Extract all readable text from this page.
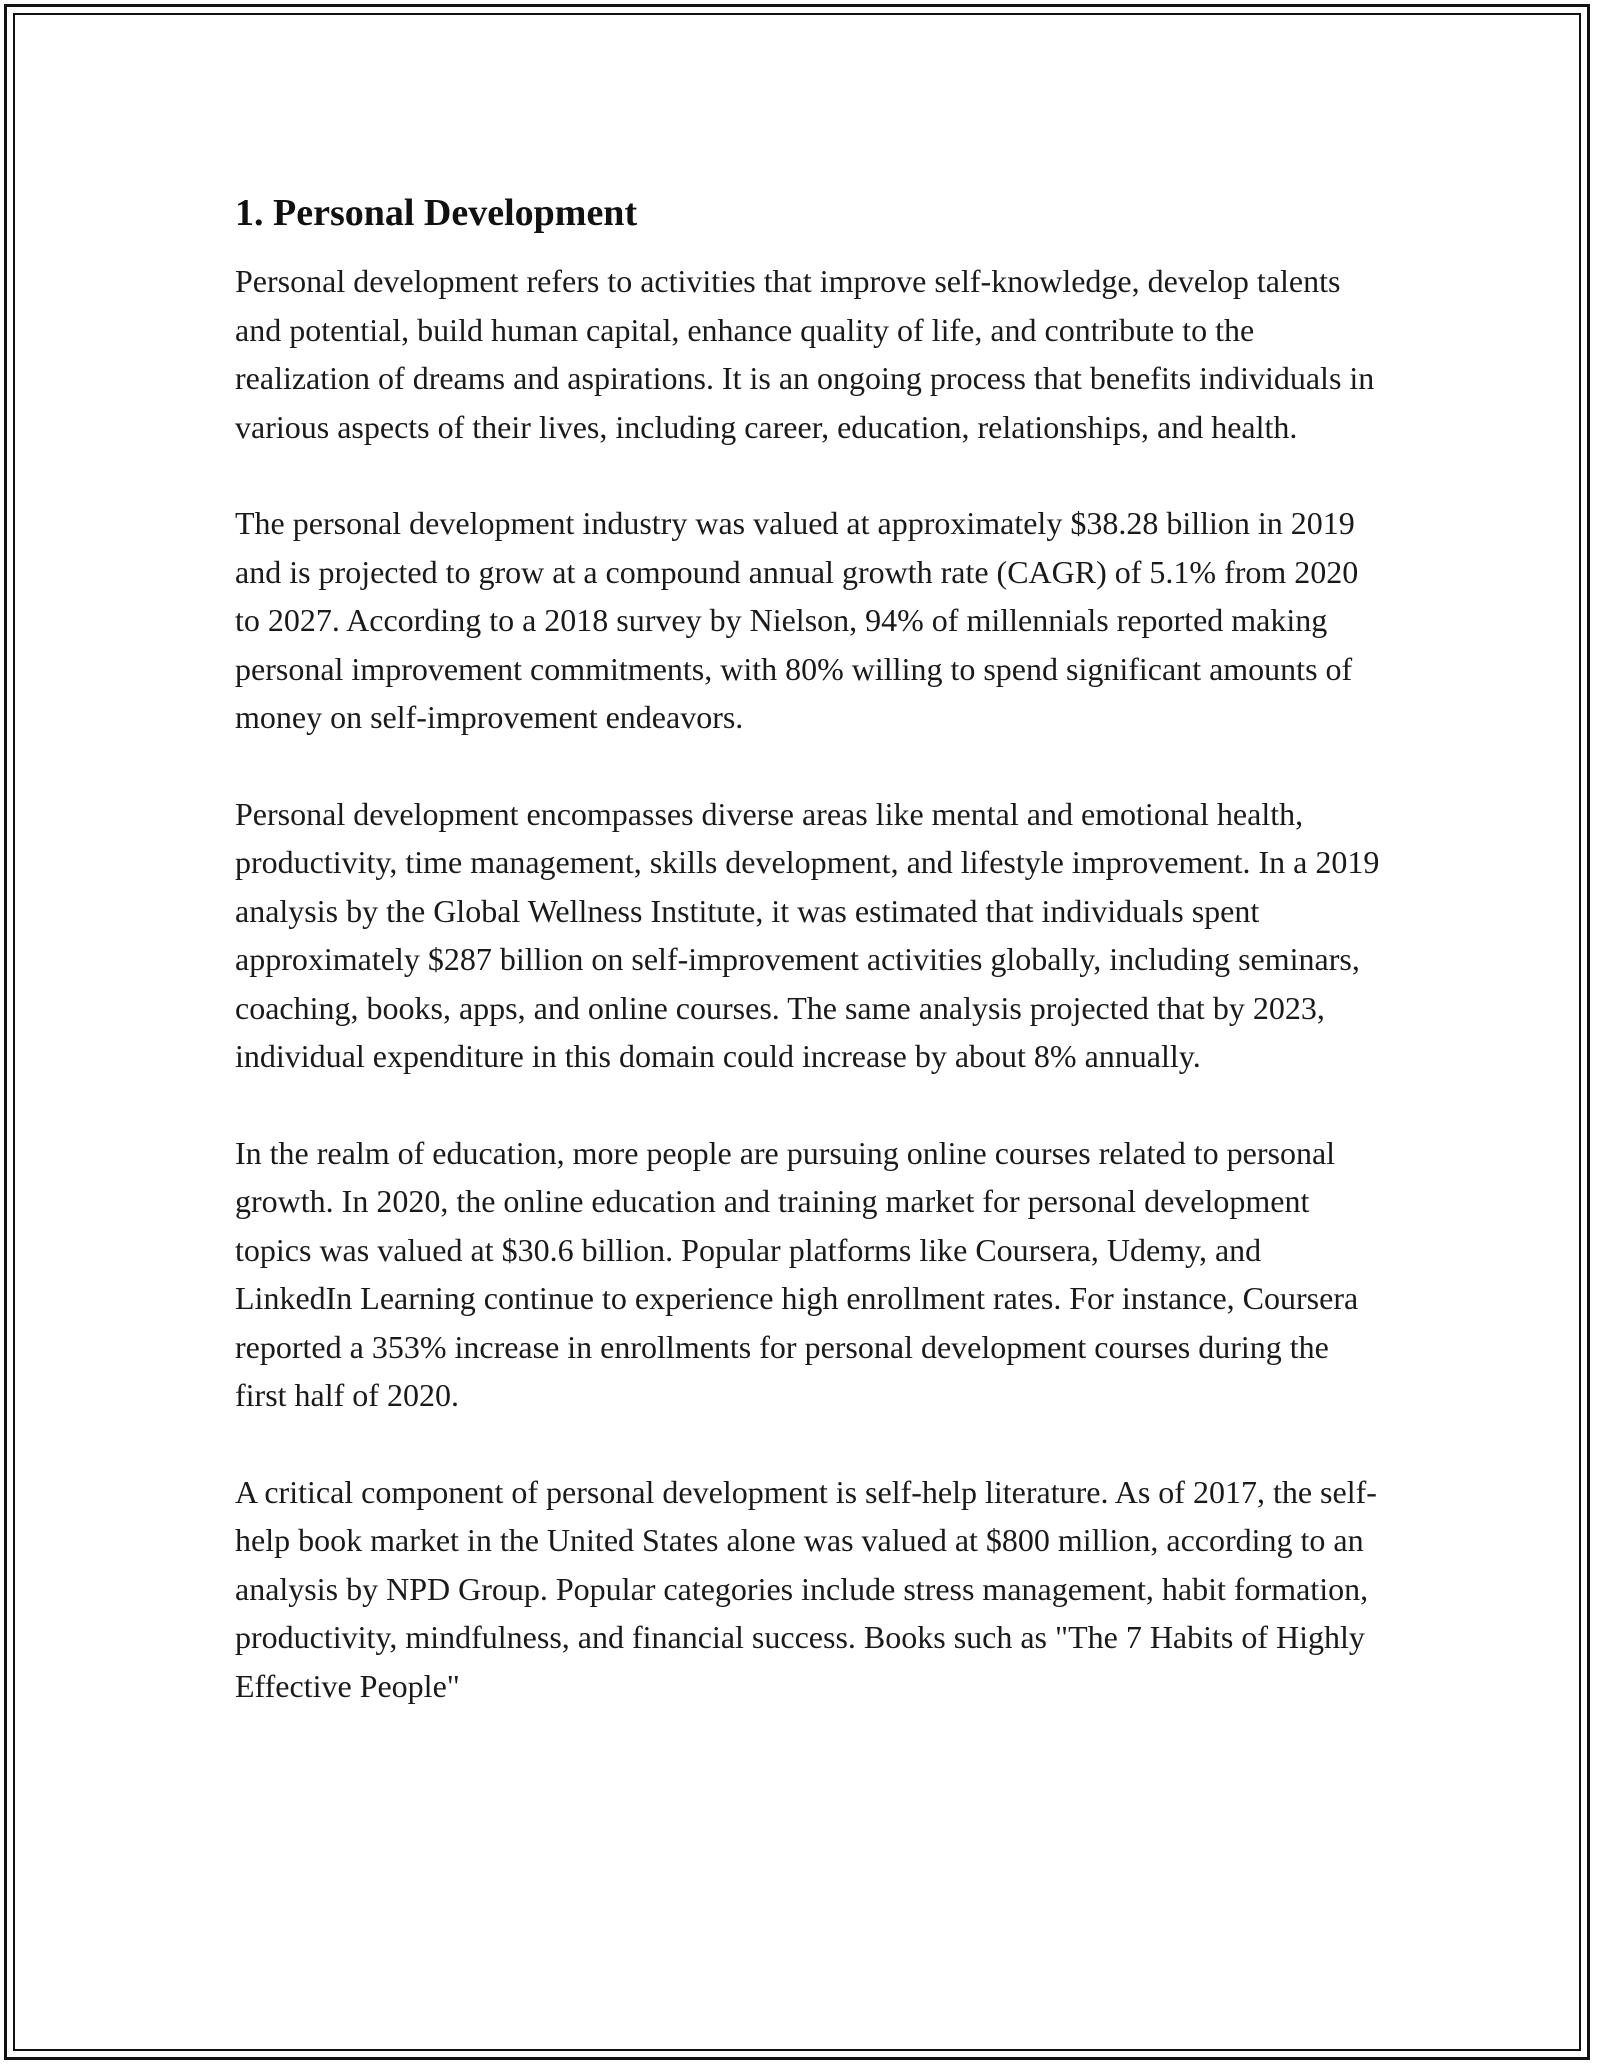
1. Personal Development

Personal development refers to activities that improve self-knowledge, develop talents and potential, build human capital, enhance quality of life, and contribute to the realization of dreams and aspirations. It is an ongoing process that benefits individuals in various aspects of their lives, including career, education, relationships, and health.

The personal development industry was valued at approximately $38.28 billion in 2019 and is projected to grow at a compound annual growth rate (CAGR) of 5.1% from 2020 to 2027. According to a 2018 survey by Nielson, 94% of millennials reported making personal improvement commitments, with 80% willing to spend significant amounts of money on self-improvement endeavors.

Personal development encompasses diverse areas like mental and emotional health, productivity, time management, skills development, and lifestyle improvement. In a 2019 analysis by the Global Wellness Institute, it was estimated that individuals spent approximately $287 billion on self-improvement activities globally, including seminars, coaching, books, apps, and online courses. The same analysis projected that by 2023, individual expenditure in this domain could increase by about 8% annually.

In the realm of education, more people are pursuing online courses related to personal growth. In 2020, the online education and training market for personal development topics was valued at $30.6 billion. Popular platforms like Coursera, Udemy, and LinkedIn Learning continue to experience high enrollment rates. For instance, Coursera reported a 353% increase in enrollments for personal development courses during the first half of 2020.

A critical component of personal development is self-help literature. As of 2017, the self-help book market in the United States alone was valued at $800 million, according to an analysis by NPD Group. Popular categories include stress management, habit formation, productivity, mindfulness, and financial success. Books such as "The 7 Habits of Highly Effective People"
